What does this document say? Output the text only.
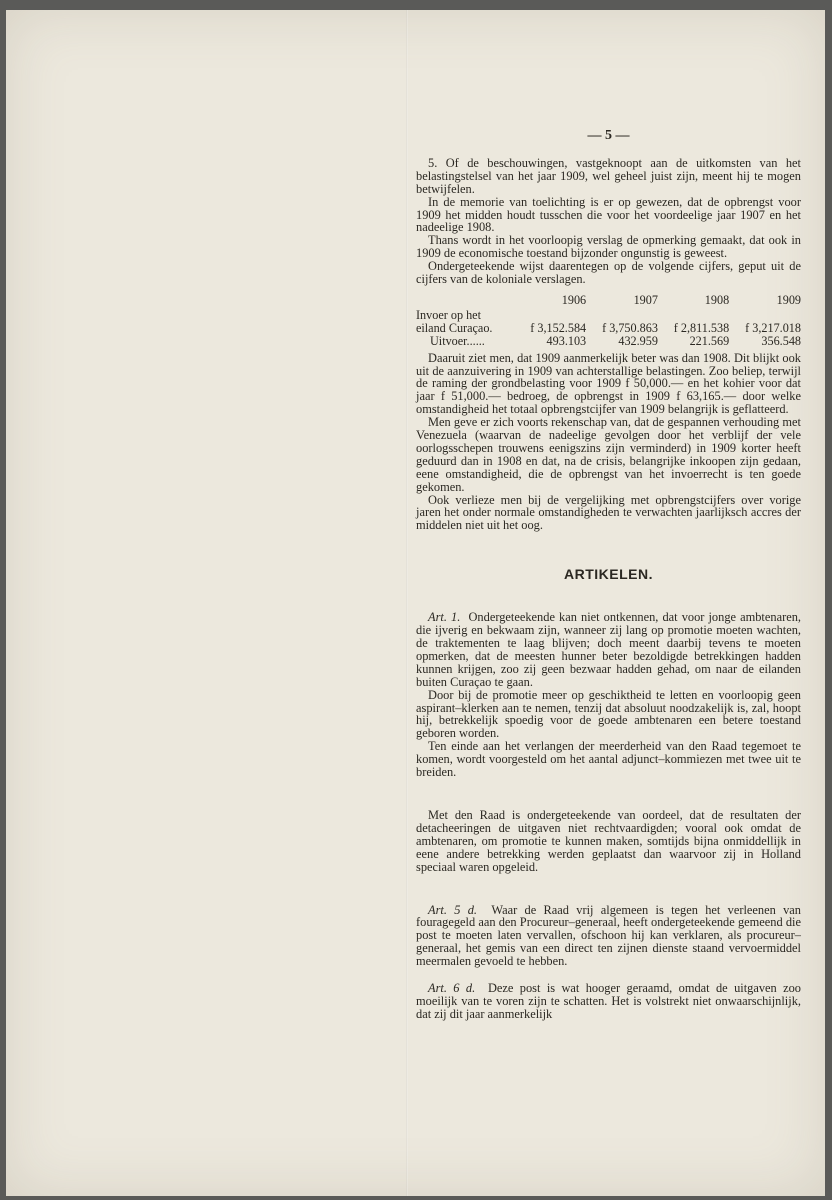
— 5 —

5. Of de beschouwingen, vastgeknoopt aan de uitkomsten van het belastingstelsel van het jaar 1909, wel geheel juist zijn, meent hij te mogen betwijfelen.

In de memorie van toelichting is er op gewezen, dat de opbrengst voor 1909 het midden houdt tusschen die voor het voordeelige jaar 1907 en het nadeelige 1908.

Thans wordt in het voorloopig verslag de opmerking gemaakt, dat ook in 1909 de economische toestand bijzonder ongunstig is geweest.

Ondergeteekende wijst daarentegen op de volgende cijfers, geput uit de cijfers van de koloniale verslagen.

	1906	1907	1908	1909
Invoer op het				
eiland Curaçao.	f 3,152.584	f 3,750.863	f 2,811.538	f 3,217.018
Uitvoer......	493.103	432.959	221.569	356.548

Daaruit ziet men, dat 1909 aanmerkelijk beter was dan 1908. Dit blijkt ook uit de aanzuivering in 1909 van achterstallige belastingen. Zoo beliep, terwijl de raming der grondbelasting voor 1909 f 50,000.— en het kohier voor dat jaar f 51,000.— bedroeg, de opbrengst in 1909 f 63,165.— door welke omstandigheid het totaal opbrengstcijfer van 1909 belangrijk is geflatteerd.

Men geve er zich voorts rekenschap van, dat de gespannen verhouding met Venezuela (waarvan de nadeelige gevolgen door het verblijf der vele oorlogsschepen trouwens eenigszins zijn verminderd) in 1909 korter heeft geduurd dan in 1908 en dat, na de crisis, belangrijke inkoopen zijn gedaan, eene omstandigheid, die de opbrengst van het invoerrecht is ten goede gekomen.

Ook verlieze men bij de vergelijking met opbrengstcijfers over vorige jaren het onder normale omstandigheden te verwachten jaarlijksch accres der middelen niet uit het oog.

ARTIKELEN.

Art. 1. Ondergeteekende kan niet ontkennen, dat voor jonge ambtenaren, die ijverig en bekwaam zijn, wanneer zij lang op promotie moeten wachten, de traktementen te laag blijven; doch meent daarbij tevens te moeten opmerken, dat de meesten hunner beter bezoldigde betrekkingen hadden kunnen krijgen, zoo zij geen bezwaar hadden gehad, om naar de eilanden buiten Curaçao te gaan.

Door bij de promotie meer op geschiktheid te letten en voorloopig geen aspirant–klerken aan te nemen, tenzij dat absoluut noodzakelijk is, zal, hoopt hij, betrekkelijk spoedig voor de goede ambtenaren een betere toestand geboren worden.

Ten einde aan het verlangen der meerderheid van den Raad tegemoet te komen, wordt voorgesteld om het aantal adjunct–kommiezen met twee uit te breiden.

Met den Raad is ondergeteekende van oordeel, dat de resultaten der detacheeringen de uitgaven niet rechtvaardigden; vooral ook omdat de ambtenaren, om promotie te kunnen maken, somtijds bijna onmiddellijk in eene andere betrekking werden geplaatst dan waarvoor zij in Holland speciaal waren opgeleid.

Art. 5 d. Waar de Raad vrij algemeen is tegen het verleenen van fouragegeld aan den Procureur–generaal, heeft ondergeteekende gemeend die post te moeten laten vervallen, ofschoon hij kan verklaren, als procureur–generaal, het gemis van een direct ten zijnen dienste staand vervoermiddel meermalen gevoeld te hebben.

Art. 6 d. Deze post is wat hooger geraamd, omdat de uitgaven zoo moeilijk van te voren zijn te schatten. Het is volstrekt niet onwaarschijnlijk, dat zij dit jaar aanmerkelijk
